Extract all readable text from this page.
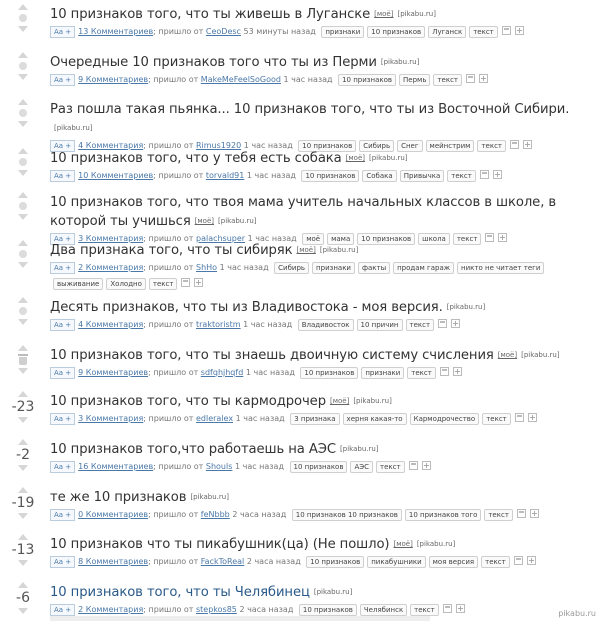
10 признаков того, что ты живешь в Луганске [моё] [pikabu.ru]
Аа + 13 Комментариев; пришло от CeoDesc 53 минуты назад признаки 10 признаков Луганск текст
Очередные 10 признаков того что ты из Перми [pikabu.ru]
Аа + 9 Комментариев; пришло от MakeMeFeelSoGood 1 час назад 10 признаков Пермь текст
Раз пошла такая пьянка... 10 признаков того, что ты из Восточной Сибири.[pikabu.ru]
Аа + 4 Комментария; пришло от Rimus1920 1 час назад 10 признаков Сибирь Снег мейнстрим текст
10 признаков того, что у тебя есть собака [моё] [pikabu.ru]
Аа + 10 Комментариев; пришло от torvald91 1 час назад 10 признаков Собака Привычка текст
10 признаков того, что твоя мама учитель начальных классов в школе, в которой ты учишься [моё] [pikabu.ru]
Аа + 3 Комментария; пришло от palachsuper 1 час назад моё мама 10 признаков школа текст
Два признака того, что ты сибиряк [моё] [pikabu.ru]
Аа + 2 Комментария; пришло от ShHo 1 час назад Сибирь признаки факты продам гараж никто не читает теги
выживание Холодно текст
Десять признаков, что ты из Владивостока - моя версия. [pikabu.ru]
Аа + 4 Комментария; пришло от traktoristm 1 час назад Владивосток 10 причин текст
10 признаков того, что ты знаешь двоичную систему счисления [моё] [pikabu.ru]
Аа + 9 Комментариев; пришло от sdfqhjhqfd 1 час назад 10 признаков признаки текст
-23	10 признаков того, что ты кармодрочер [моё] [pikabu.ru]
Аа + 3 Комментария; пришло от edleralex 1 час назад 3 признака херня какая-то Кармодрочество текст
-2	10 признаков того,что работаешь на АЭС [pikabu.ru]
Аа + 16 Комментариев; пришло от Shouls 1 час назад 10 признаков АЭС текст
-19	те же 10 признаков [pikabu.ru]
Аа + 0 Комментариев; пришло от feNbbb 2 часа назад 10 признаков 10 признаков 10 признаков того текст
-13	10 признаков что ты пикабушник(ца) (Не пошло) [моё] [pikabu.ru]
Аа + 8 Комментариев; пришло от FackToReal 2 часа назад 10 признаков пикабушники моя версия текст
-6	10 признаков того, что ты Челябинец [pikabu.ru]
Аа + 2 Комментария; пришло от stepkos85 2 часа назад 10 признаков Челябинск текст	pikabu.ru
